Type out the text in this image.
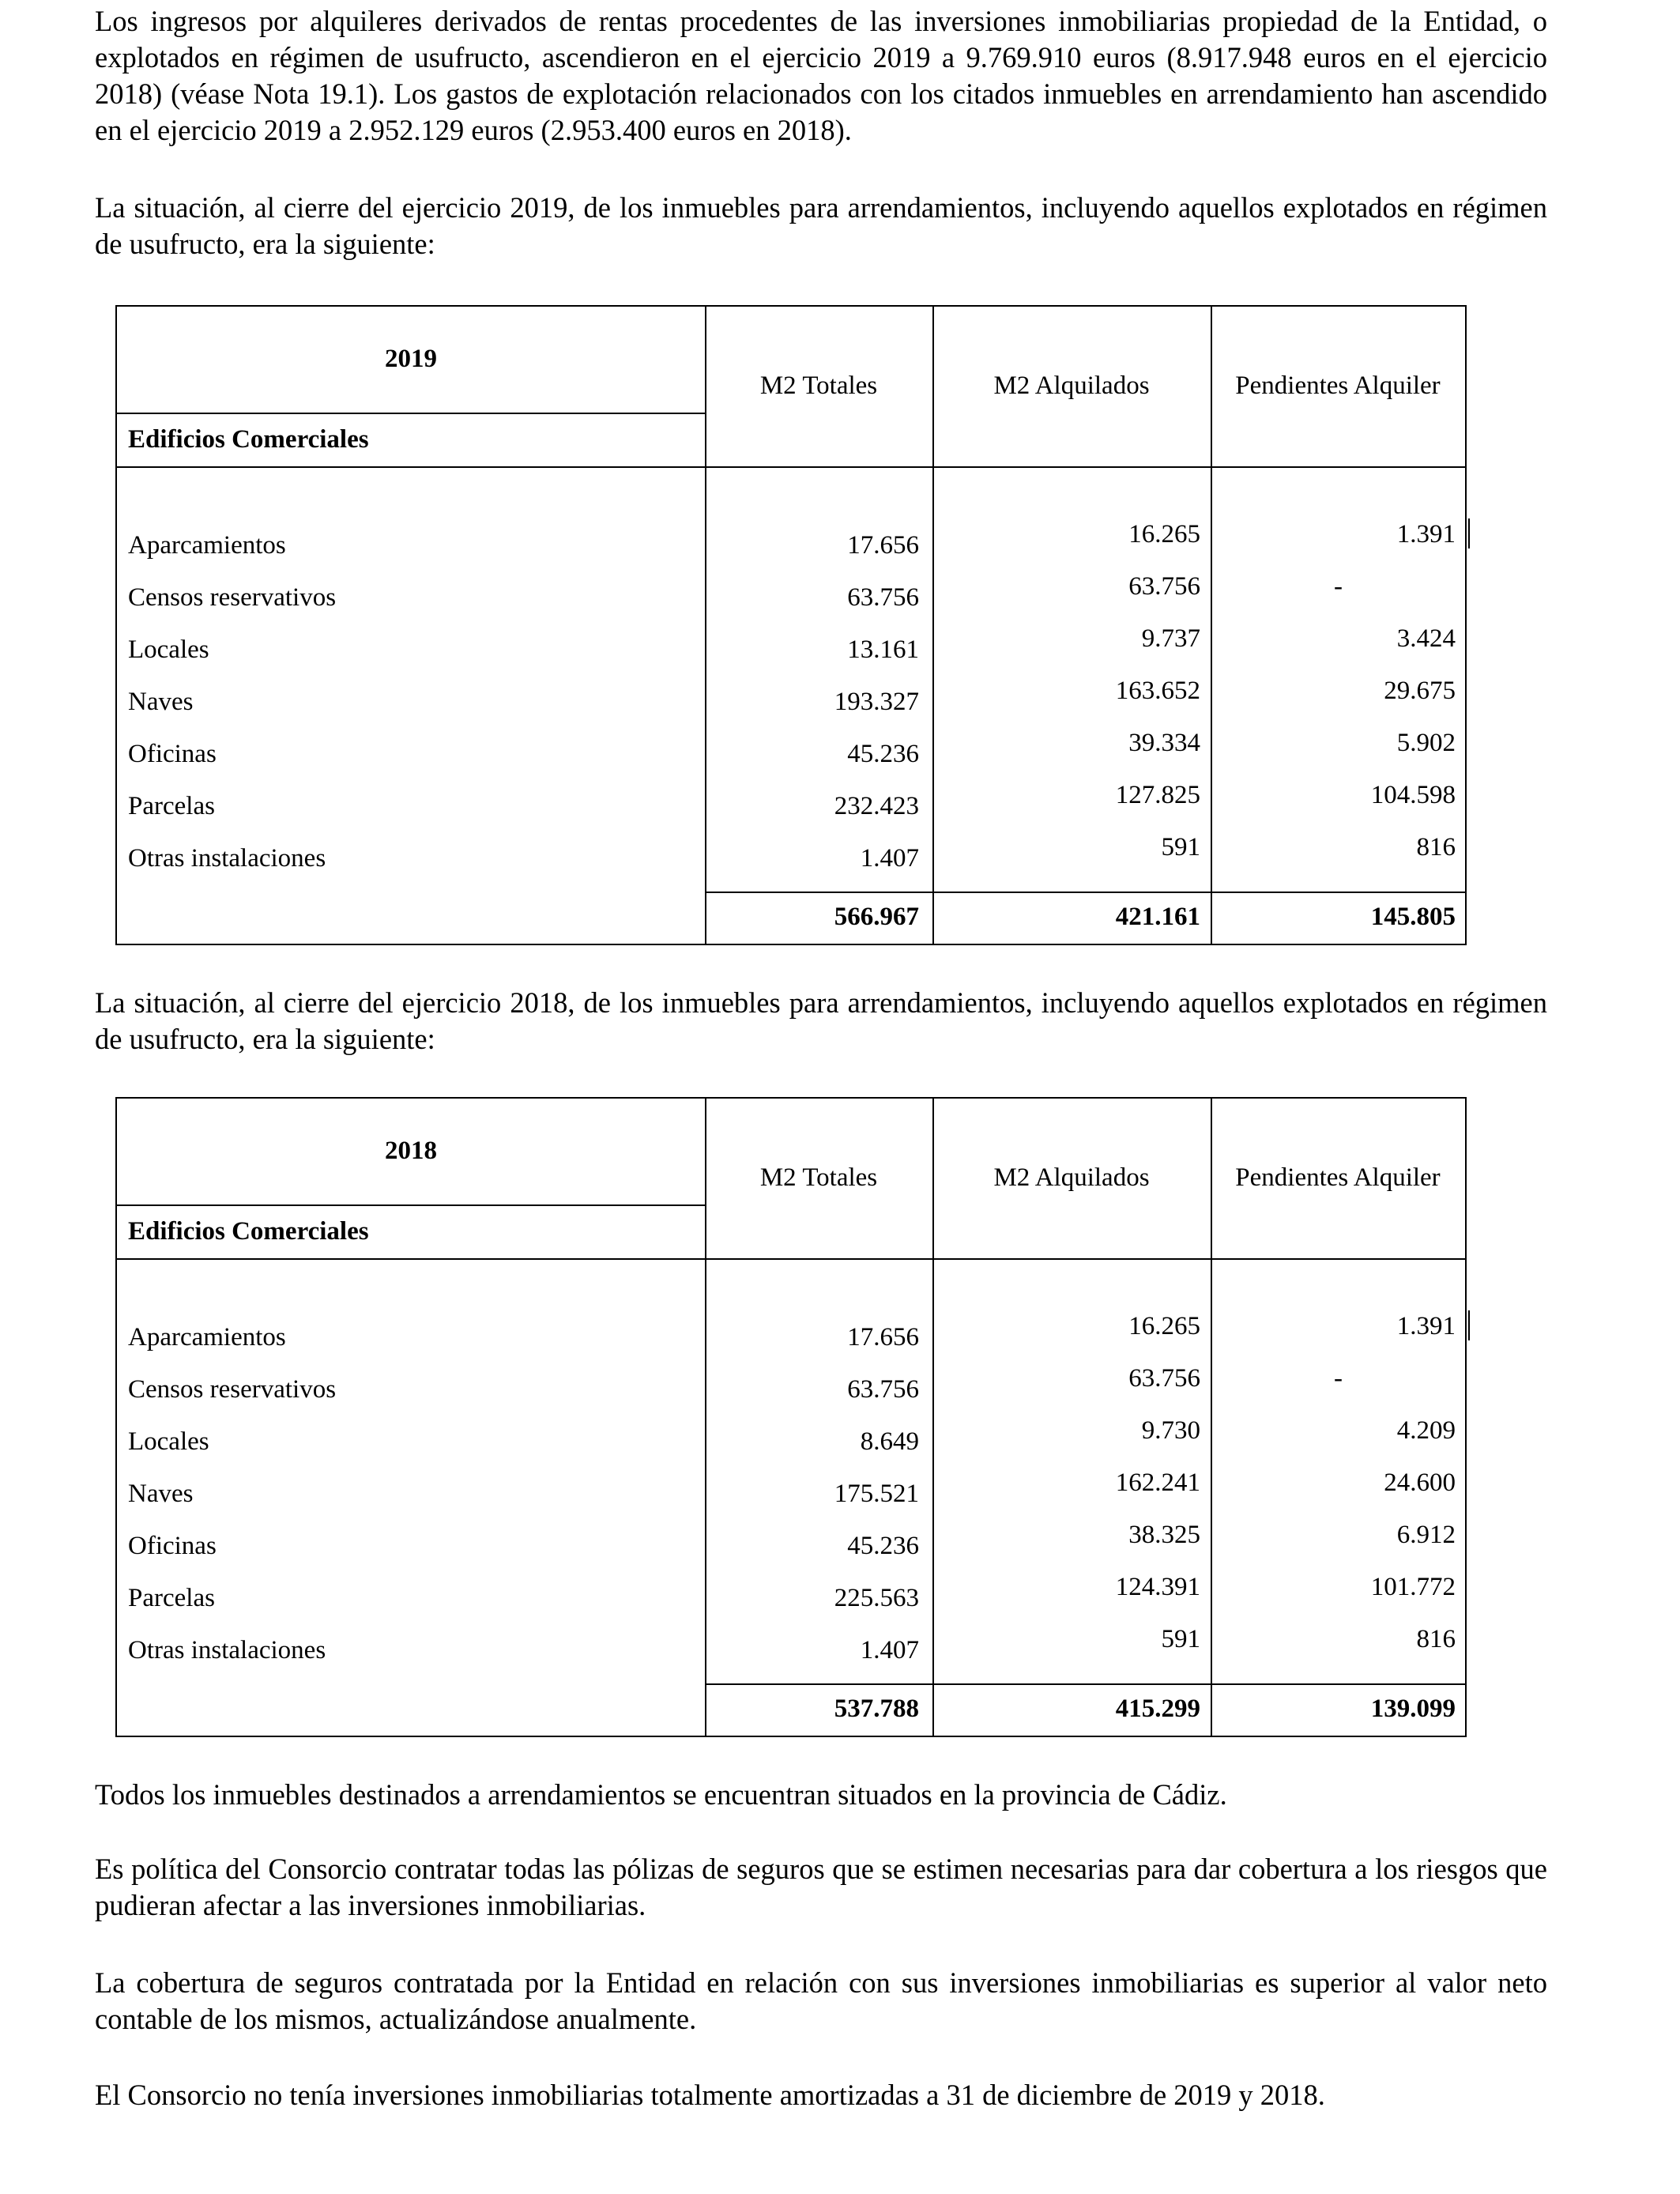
Los ingresos por alquileres derivados de rentas procedentes de las inversiones inmobiliarias propiedad de la Entidad, o explotados en régimen de usufructo, ascendieron en el ejercicio 2019 a 9.769.910 euros (8.917.948 euros en el ejercicio 2018) (véase Nota 19.1). Los gastos de explotación relacionados con los citados inmuebles en arrendamiento han ascendido en el ejercicio 2019 a 2.952.129 euros (2.953.400 euros en 2018).

La situación, al cierre del ejercicio 2019, de los inmuebles para arrendamientos, incluyendo aquellos explotados en régimen de usufructo, era la siguiente:

2019
Edificios Comerciales
M2 Totales	M2 Alquilados	Pendientes Alquiler
Aparcamientos	17.656	16.265	1.391
Censos reservativos	63.756	63.756	-
Locales	13.161	9.737	3.424
Naves	193.327	163.652	29.675
Oficinas	45.236	39.334	5.902
Parcelas	232.423	127.825	104.598
Otras instalaciones	1.407	591	816
566.967	421.161	145.805

La situación, al cierre del ejercicio 2018, de los inmuebles para arrendamientos, incluyendo aquellos explotados en régimen de usufructo, era la siguiente:

2018
Edificios Comerciales
M2 Totales	M2 Alquilados	Pendientes Alquiler
Aparcamientos	17.656	16.265	1.391
Censos reservativos	63.756	63.756	-
Locales	8.649	9.730	4.209
Naves	175.521	162.241	24.600
Oficinas	45.236	38.325	6.912
Parcelas	225.563	124.391	101.772
Otras instalaciones	1.407	591	816
537.788	415.299	139.099

Todos los inmuebles destinados a arrendamientos se encuentran situados en la provincia de Cádiz.

Es política del Consorcio contratar todas las pólizas de seguros que se estimen necesarias para dar cobertura a los riesgos que pudieran afectar a las inversiones inmobiliarias.

La cobertura de seguros contratada por la Entidad en relación con sus inversiones inmobiliarias es superior al valor neto contable de los mismos, actualizándose anualmente.

El Consorcio no tenía inversiones inmobiliarias totalmente amortizadas a 31 de diciembre de 2019 y 2018.
